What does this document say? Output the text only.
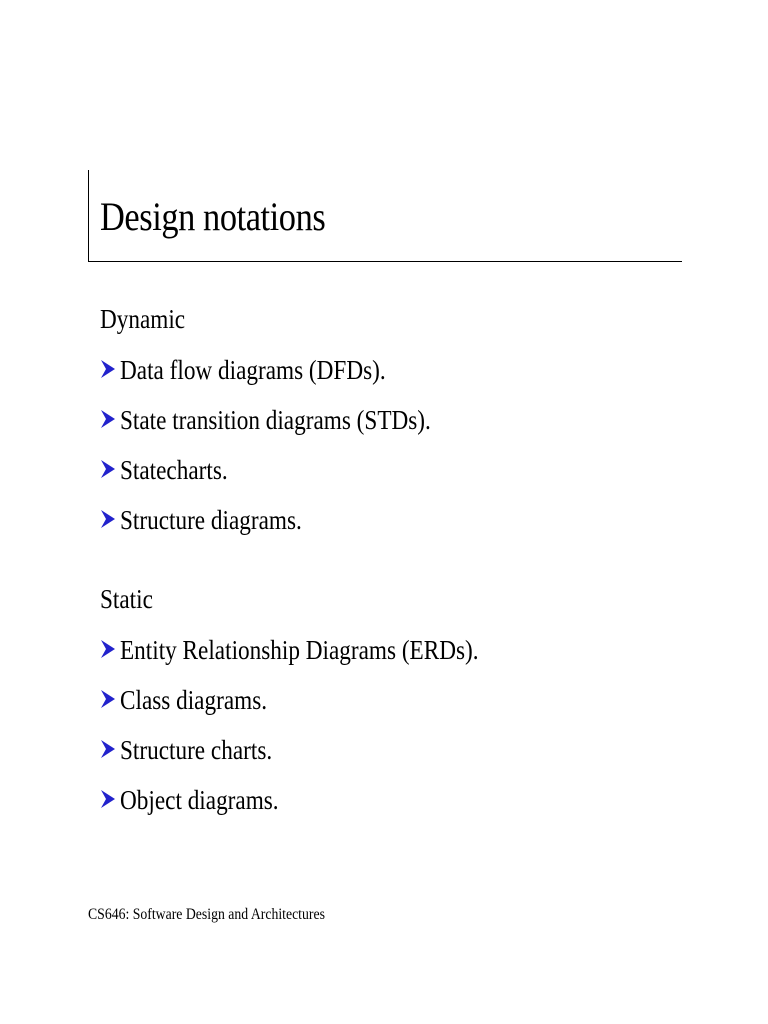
Design notations
Dynamic
Data flow diagrams (DFDs).
State transition diagrams (STDs).
Statecharts.
Structure diagrams.
Static
Entity Relationship Diagrams (ERDs).
Class diagrams.
Structure charts.
Object diagrams.
CS646: Software Design and Architectures
